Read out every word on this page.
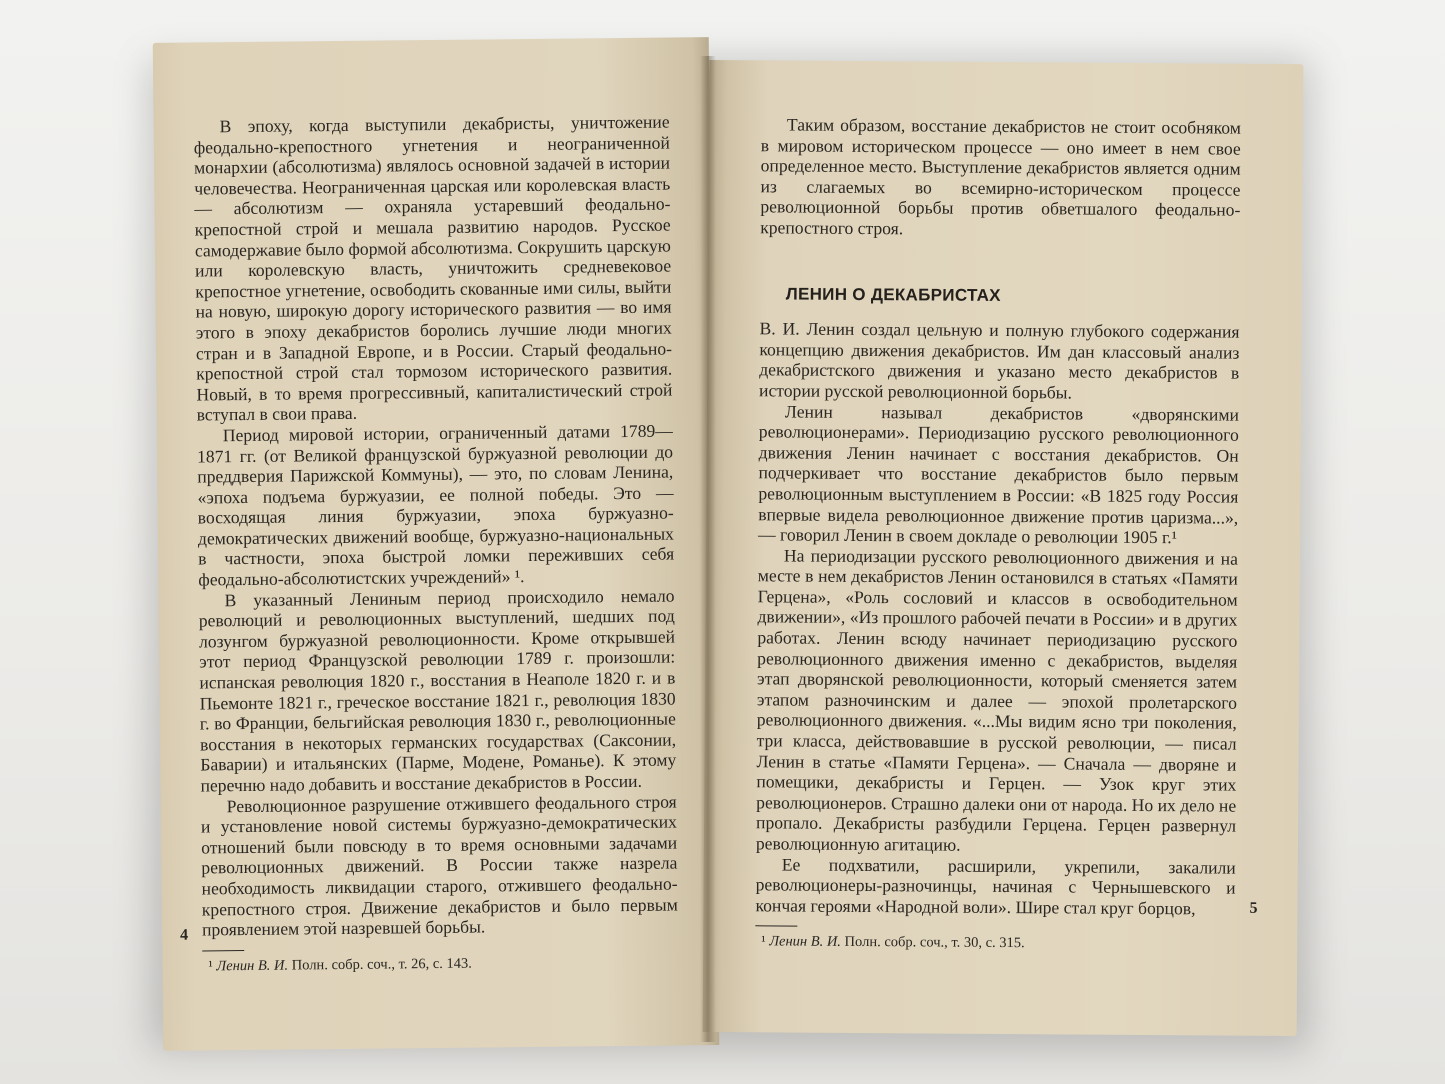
В эпоху, когда выступили декабристы, уничтожение феодально-крепостного угнетения и неограниченной монархии (абсолютизма) являлось основной задачей в истории человечества. Неограниченная царская или королевская власть — абсолютизм — охраняла устаревший феодально-крепостной строй и мешала развитию народов. Русское самодержавие было формой абсолютизма. Сокрушить царскую или королевскую власть, уничтожить средневековое крепостное угнетение, освободить скованные ими силы, выйти на новую, широкую дорогу исторического развития — во имя этого в эпоху декабристов боролись лучшие люди многих стран и в Западной Европе, и в России. Старый феодально-крепостной строй стал тормозом исторического развития. Новый, в то время прогрессивный, капиталистический строй вступал в свои права.

Период мировой истории, ограниченный датами 1789—1871 гг. (от Великой французской буржуазной революции до преддверия Парижской Коммуны), — это, по словам Ленина, «эпоха подъема буржуазии, ее полной победы. Это — восходящая линия буржуазии, эпоха буржуазно-демократических движений вообще, буржуазно-национальных в частности, эпоха быстрой ломки переживших себя феодально-абсолютистских учреждений» ¹.

В указанный Лениным период происходило немало революций и революционных выступлений, шедших под лозунгом буржуазной революционности. Кроме открывшей этот период Французской революции 1789 г. произошли: испанская революция 1820 г., восстания в Неаполе 1820 г. и в Пьемонте 1821 г., греческое восстание 1821 г., революция 1830 г. во Франции, бельгийская революция 1830 г., революционные восстания в некоторых германских государствах (Саксонии, Баварии) и итальянских (Парме, Модене, Романье). К этому перечню надо добавить и восстание декабристов в России.

Революционное разрушение отжившего феодального строя и установление новой системы буржуазно-демократических отношений были повсюду в то время основными задачами революционных движений. В России также назрела необходимость ликвидации старого, отжившего феодально-крепостного строя. Движение декабристов и было первым проявлением этой назревшей борьбы.

¹ Ленин В. И. Полн. собр. соч., т. 26, с. 143.
4

Таким образом, восстание декабристов не стоит особняком в мировом историческом процессе — оно имеет в нем свое определенное место. Выступление декабристов является одним из слагаемых во всемирно-историческом процессе революционной борьбы против обветшалого феодально-крепостного строя.

ЛЕНИН О ДЕКАБРИСТАХ

В. И. Ленин создал цельную и полную глубокого содержания концепцию движения декабристов. Им дан классовый анализ декабристского движения и указано место декабристов в истории русской революционной борьбы.

Ленин называл декабристов «дворянскими революционерами». Периодизацию русского революционного движения Ленин начинает с восстания декабристов. Он подчеркивает что восстание декабристов было первым революционным выступлением в России: «В 1825 году Россия впервые видела революционное движение против царизма...», — говорил Ленин в своем докладе о революции 1905 г.¹

На периодизации русского революционного движения и на месте в нем декабристов Ленин остановился в статьях «Памяти Герцена», «Роль сословий и классов в освободительном движении», «Из прошлого рабочей печати в России» и в других работах. Ленин всюду начинает периодизацию русского революционного движения именно с декабристов, выделяя этап дворянской революционности, который сменяется затем этапом разночинским и далее — эпохой пролетарского революционного движения. «...Мы видим ясно три поколения, три класса, действовавшие в русской революции, — писал Ленин в статье «Памяти Герцена». — Сначала — дворяне и помещики, декабристы и Герцен. — Узок круг этих революционеров. Страшно далеки они от народа. Но их дело не пропало. Декабристы разбудили Герцена. Герцен развернул революционную агитацию.

Ее подхватили, расширили, укрепили, закалили революционеры-разночинцы, начиная с Чернышевского и кончая героями «Народной воли». Шире стал круг борцов,

¹ Ленин В. И. Полн. собр. соч., т. 30, с. 315.
5
